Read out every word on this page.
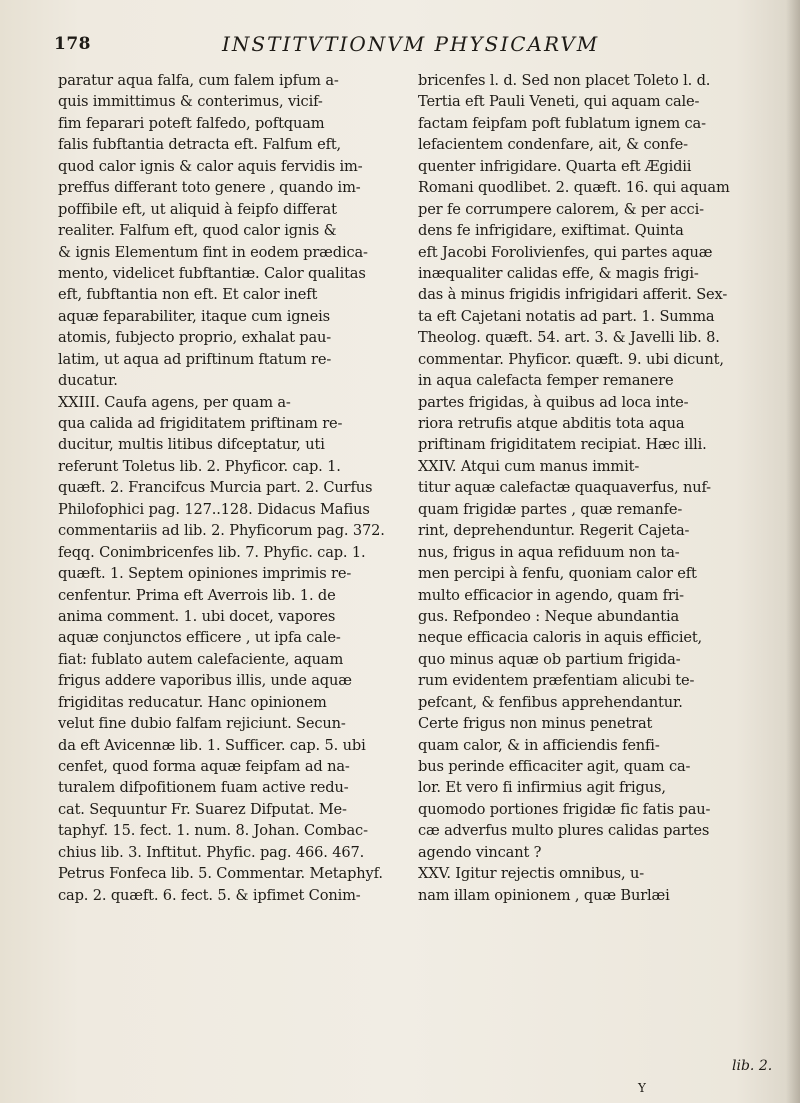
178	INSTITVTIONVM PHYSICARVM
paratur aqua falfa, cum falem ipfum a-
quis immittimus & conterimus, vicif-
fim feparari poteft falfedo, poftquam
falis fubftantia detracta eft. Falfum eft,
quod calor ignis & calor aquis fervidis im-
preffus differant toto genere , quando im-
poffibile eft, ut aliquid à feipfo differat
realiter. Falfum eft, quod calor ignis &
& ignis Elementum fint in eodem prædica-
mento, videlicet fubftantiæ. Calor qualitas
eft, fubftantia non eft. Et calor ineft
aquæ feparabiliter, itaque cum igneis
atomis, fubjecto proprio, exhalat pau-
latim, ut aqua ad priftinum ftatum re-
ducatur.
XXIII. Caufa agens, per quam a-
qua calida ad frigiditatem priftinam re-
ducitur, multis litibus difceptatur, uti
referunt Toletus lib. 2. Phyficor. cap. 1.
quæft. 2. Francifcus Murcia part. 2. Curfus
Philofophici pag. 127..128. Didacus Mafius
commentariis ad lib. 2. Phyficorum pag. 372.
feqq. Conimbricenfes lib. 7. Phyfic. cap. 1.
quæft. 1. Septem opiniones imprimis re-
cenfentur. Prima eft Averrois lib. 1. de
anima comment. 1. ubi docet, vapores
aquæ conjunctos efficere , ut ipfa cale-
fiat: fublato autem calefaciente, aquam
frigus addere vaporibus illis, unde aquæ
frigiditas reducatur. Hanc opinionem
velut fine dubio falfam rejiciunt. Secun-
da eft Avicennæ lib. 1. Sufficer. cap. 5. ubi
cenfet, quod forma aquæ feipfam ad na-
turalem difpofitionem fuam active redu-
cat. Sequuntur Fr. Suarez Difputat. Me-
taphyf. 15. fect. 1. num. 8. Johan. Combac-
chius lib. 3. Inftitut. Phyfic. pag. 466. 467.
Petrus Fonfeca lib. 5. Commentar. Metaphyf.
cap. 2. quæft. 6. fect. 5. & ipfimet Conim-
bricenfes l. d. Sed non placet Toleto l. d.
Tertia eft Pauli Veneti, qui aquam cale-
factam feipfam poft fublatum ignem ca-
lefacientem condenfare, ait, & confe-
quenter infrigidare. Quarta eft Ægidii
Romani quodlibet. 2. quæft. 16. qui aquam
per fe corrumpere calorem, & per acci-
dens fe infrigidare, exiftimat. Quinta
eft Jacobi Forolivienfes, qui partes aquæ
inæqualiter calidas effe, & magis frigi-
das à minus frigidis infrigidari afferit. Sex-
ta eft Cajetani notatis ad part. 1. Summa
Theolog. quæft. 54. art. 3. & Javelli lib. 8.
commentar. Phyficor. quæft. 9. ubi dicunt,
in aqua calefacta femper remanere
partes frigidas, à quibus ad loca inte-
riora retrufis atque abditis tota aqua
priftinam frigiditatem recipiat. Hæc illi.
XXIV. Atqui cum manus immit-
titur aquæ calefactæ quaquaverfus, nuf-
quam frigidæ partes , quæ remanfe-
rint, deprehenduntur. Regerit Cajeta-
nus, frigus in aqua refiduum non ta-
men percipi à fenfu, quoniam calor eft
multo efficacior in agendo, quam fri-
gus. Refpondeo : Neque abundantia
neque efficacia caloris in aquis efficiet,
quo minus aquæ ob partium frigida-
rum evidentem præfentiam alicubi te-
pefcant, & fenfibus apprehendantur.
Certe frigus non minus penetrat
quam calor, & in afficiendis fenfi-
bus perinde efficaciter agit, quam ca-
lor. Et vero fi infirmius agit frigus,
quomodo portiones frigidæ fic fatis pau-
cæ adverfus multo plures calidas partes
agendo vincant ?
XXV. Igitur rejectis omnibus, u-
nam illam opinionem , quæ Burlæi
lib. 2.
Y
